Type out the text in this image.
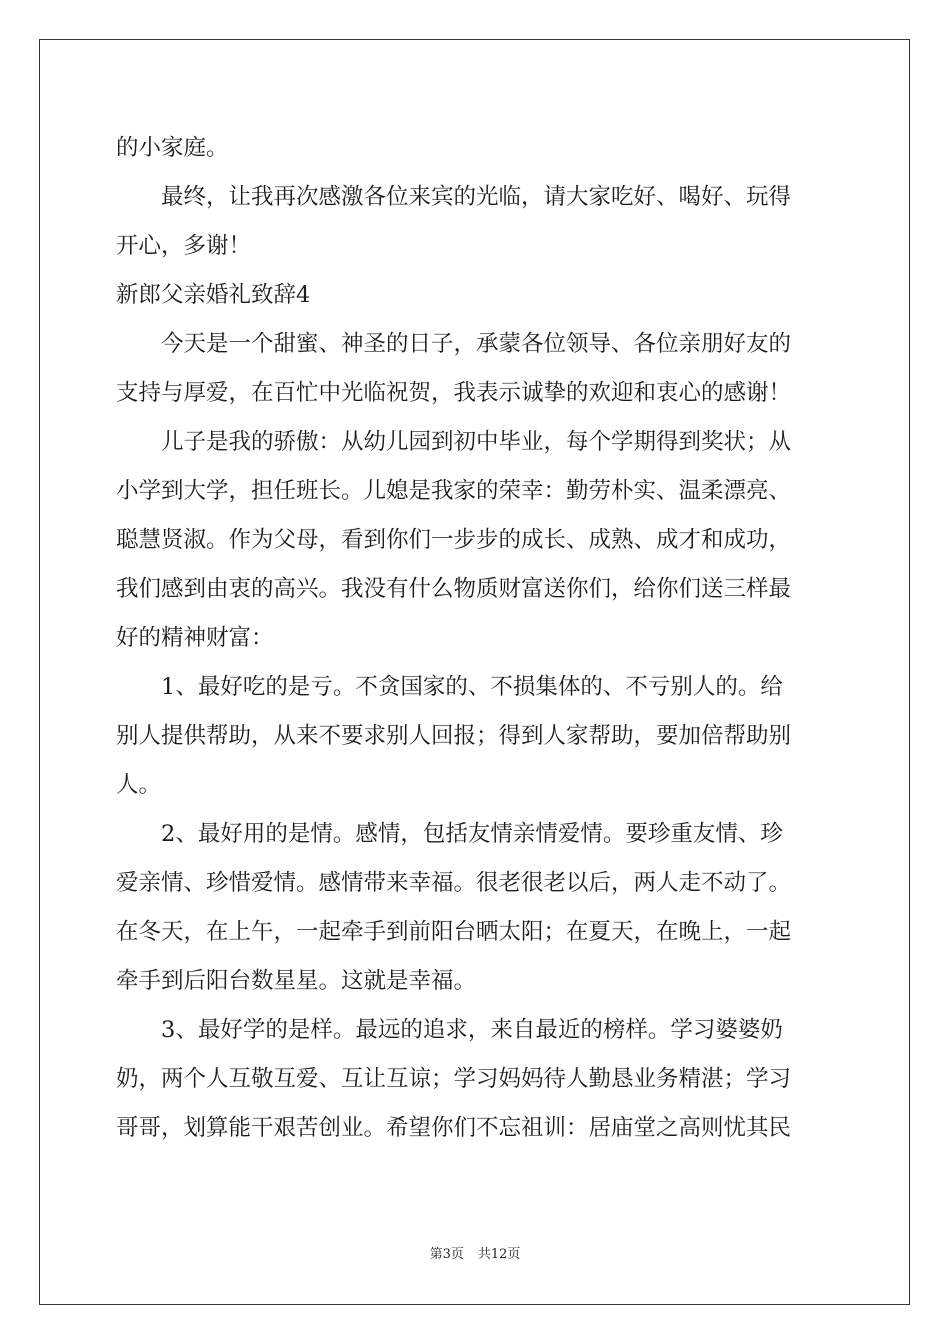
的小家庭。
　　最终，让我再次感激各位来宾的光临，请大家吃好、喝好、玩得
开心，多谢！
新郎父亲婚礼致辞4
　　今天是一个甜蜜、神圣的日子，承蒙各位领导、各位亲朋好友的
支持与厚爱，在百忙中光临祝贺，我表示诚挚的欢迎和衷心的感谢！
　　儿子是我的骄傲：从幼儿园到初中毕业，每个学期得到奖状；从
小学到大学，担任班长。儿媳是我家的荣幸：勤劳朴实、温柔漂亮、
聪慧贤淑。作为父母，看到你们一步步的成长、成熟、成才和成功，
我们感到由衷的高兴。我没有什么物质财富送你们，给你们送三样最
好的精神财富：
　　1、最好吃的是亏。不贪国家的、不损集体的、不亏别人的。给
别人提供帮助，从来不要求别人回报；得到人家帮助，要加倍帮助别
人。
　　2、最好用的是情。感情，包括友情亲情爱情。要珍重友情、珍
爱亲情、珍惜爱情。感情带来幸福。很老很老以后，两人走不动了。
在冬天，在上午，一起牵手到前阳台晒太阳；在夏天，在晚上，一起
牵手到后阳台数星星。这就是幸福。
　　3、最好学的是样。最远的追求，来自最近的榜样。学习婆婆奶
奶，两个人互敬互爱、互让互谅；学习妈妈待人勤恳业务精湛；学习
哥哥，划算能干艰苦创业。希望你们不忘祖训：居庙堂之高则忧其民
第3页 共12页
